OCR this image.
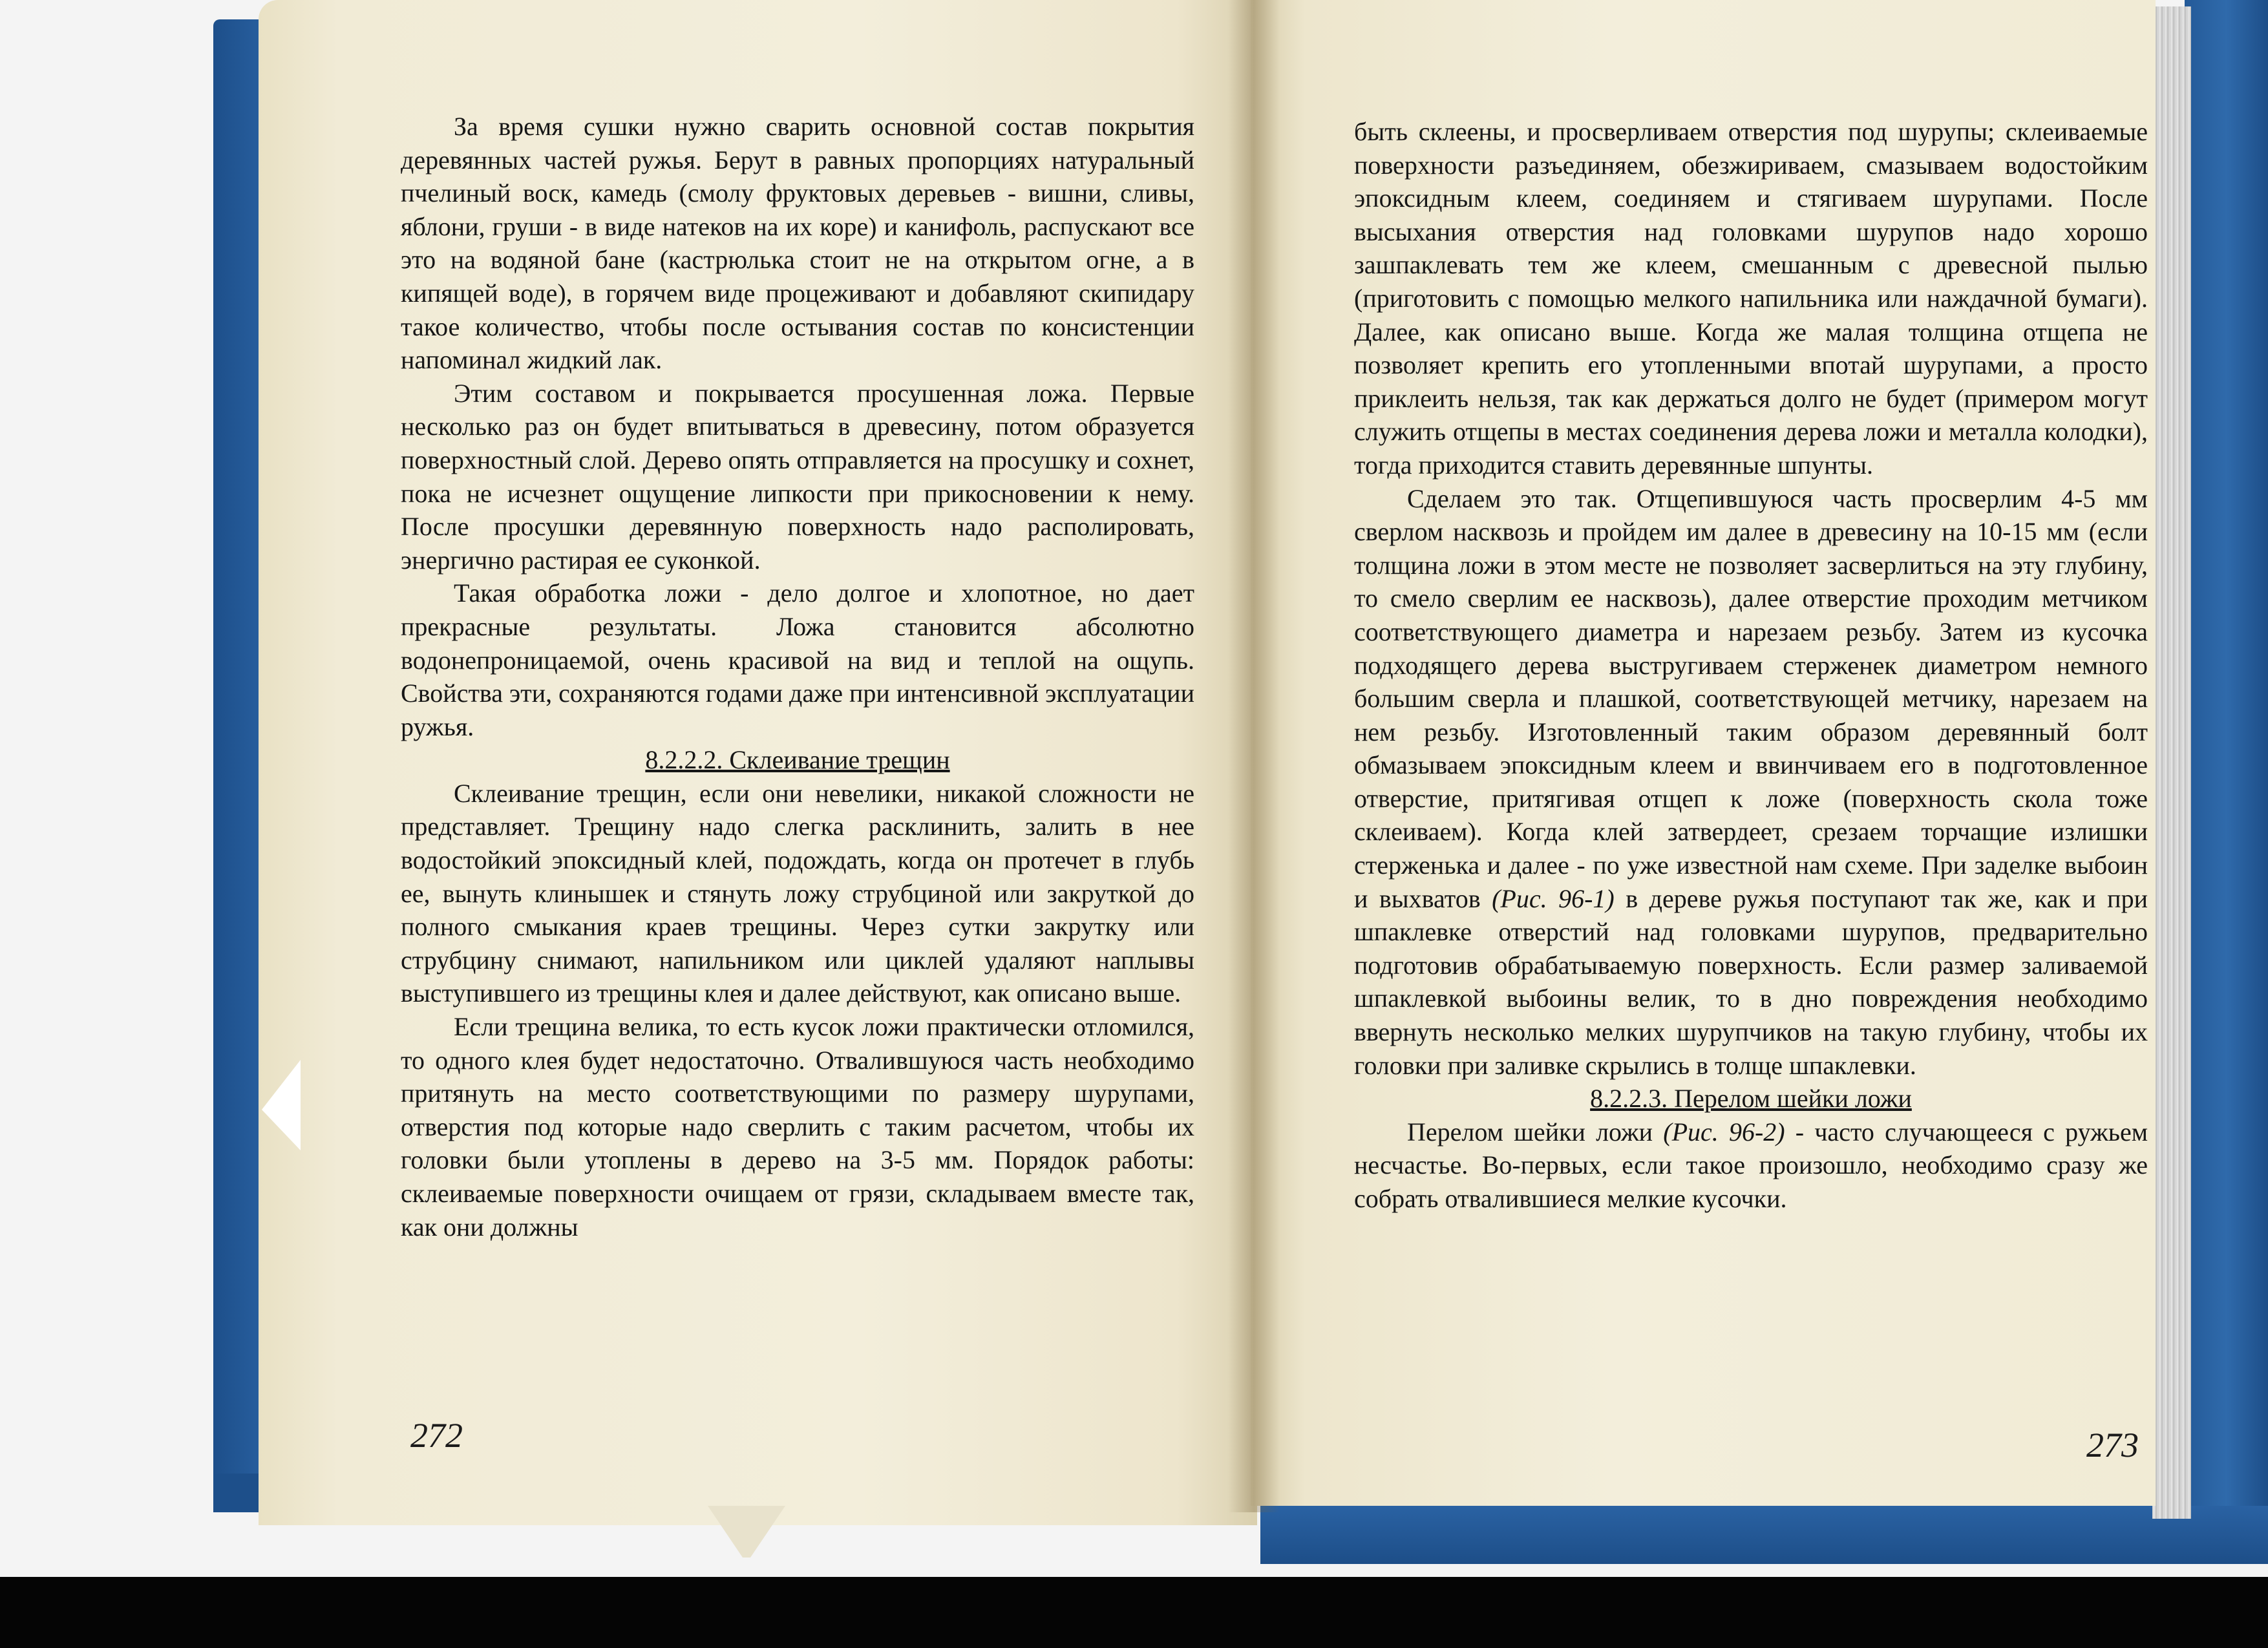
За время сушки нужно сварить основной состав покрытия деревянных частей ружья. Берут в равных пропорциях натуральный пчелиный воск, камедь (смолу фруктовых деревьев - вишни, сливы, яблони, груши - в виде натеков на их коре) и канифоль, распускают все это на водяной бане (кастрюлька стоит не на открытом огне, а в кипящей воде), в горячем виде процеживают и добавляют скипидару такое количество, чтобы после остывания состав по консистенции напоминал жидкий лак.

Этим составом и покрывается просушенная ложа. Первые несколько раз он будет впитываться в древесину, потом образуется поверхностный слой. Дерево опять отправляется на просушку и сохнет, пока не исчезнет ощущение липкости при прикосновении к нему. После просушки деревянную поверхность надо располировать, энергично растирая ее суконкой.

Такая обработка ложи - дело долгое и хлопотное, но дает прекрасные результаты. Ложа становится абсолютно водонепроницаемой, очень красивой на вид и теплой на ощупь. Свойства эти, сохраняются годами даже при интенсивной эксплуатации ружья.

8.2.2.2. Склеивание трещин

Склеивание трещин, если они невелики, никакой сложности не представляет. Трещину надо слегка расклинить, залить в нее водостойкий эпоксидный клей, подождать, когда он протечет в глубь ее, вынуть клинышек и стянуть ложу струбциной или закруткой до полного смыкания краев трещины. Через сутки закрутку или струбцину снимают, напильником или циклей удаляют наплывы выступившего из трещины клея и далее действуют, как описано выше.

Если трещина велика, то есть кусок ложи практически отломился, то одного клея будет недостаточно. Отвалившуюся часть необходимо притянуть на место соответствующими по размеру шурупами, отверстия под которые надо сверлить с таким расчетом, чтобы их головки были утоплены в дерево на 3-5 мм. Порядок работы: склеиваемые поверхности очищаем от грязи, складываем вместе так, как они должны

272

быть склеены, и просверливаем отверстия под шурупы; склеиваемые поверхности разъединяем, обезжириваем, смазываем водостойким эпоксидным клеем, соединяем и стягиваем шурупами. После высыхания отверстия над головками шурупов надо хорошо зашпаклевать тем же клеем, смешанным с древесной пылью (приготовить с помощью мелкого напильника или наждачной бумаги). Далее, как описано выше. Когда же малая толщина отщепа не позволяет крепить его утопленными впотай шурупами, а просто приклеить нельзя, так как держаться долго не будет (примером могут служить отщепы в местах соединения дерева ложи и металла колодки), тогда приходится ставить деревянные шпунты.

Сделаем это так. Отщепившуюся часть просверлим 4-5 мм сверлом насквозь и пройдем им далее в древесину на 10-15 мм (если толщина ложи в этом месте не позволяет засверлиться на эту глубину, то смело сверлим ее насквозь), далее отверстие проходим метчиком соответствующего диаметра и нарезаем резьбу. Затем из кусочка подходящего дерева выстругиваем стерженек диаметром немного большим сверла и плашкой, соответствующей метчику, нарезаем на нем резьбу. Изготовленный таким образом деревянный болт обмазываем эпоксидным клеем и ввинчиваем его в подготовленное отверстие, притягивая отщеп к ложе (поверхность скола тоже склеиваем). Когда клей затвердеет, срезаем торчащие излишки стерженька и далее - по уже известной нам схеме. При заделке выбоин и выхватов (Рис. 96-1) в дереве ружья поступают так же, как и при шпаклевке отверстий над головками шурупов, предварительно подготовив обрабатываемую поверхность. Если размер заливаемой шпаклевкой выбоины велик, то в дно повреждения необходимо ввернуть несколько мелких шурупчиков на такую глубину, чтобы их головки при заливке скрылись в толще шпаклевки.

8.2.2.3. Перелом шейки ложи

Перелом шейки ложи (Рис. 96-2) - часто случающееся с ружьем несчастье. Во-первых, если такое произошло, необходимо сразу же собрать отвалившиеся мелкие кусочки.

273
